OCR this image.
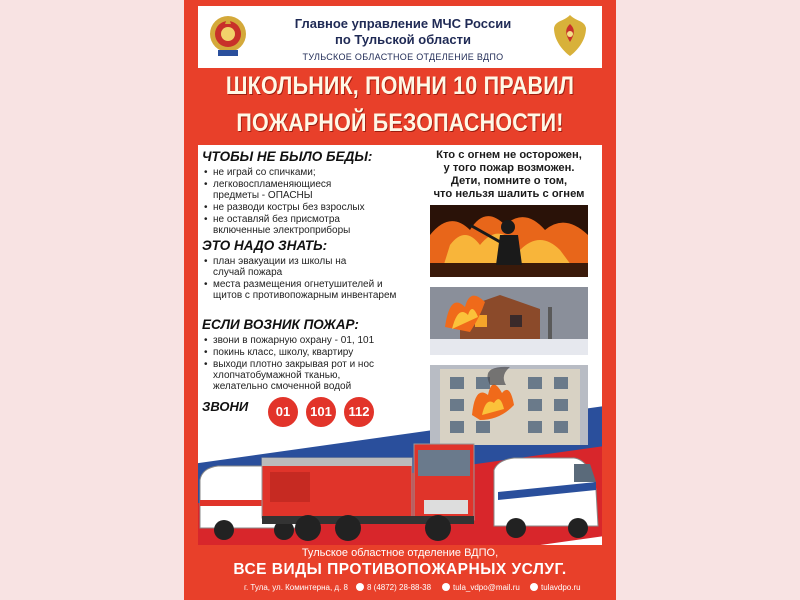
Главное управление МЧС России
по Тульской области
ТУЛЬСКОЕ ОБЛАСТНОЕ ОТДЕЛЕНИЕ ВДПО
ШКОЛЬНИК, ПОМНИ 10 ПРАВИЛ
ПОЖАРНОЙ БЕЗОПАСНОСТИ!
ЧТОБЫ НЕ БЫЛО БЕДЫ:
• не играй со спичками;
• легковоспламеняющиеся предметы - ОПАСНЫ
• не разводи костры без взрослых
• не оставляй без присмотра включенные электроприборы
ЭТО НАДО ЗНАТЬ:
• план эвакуации из школы на случай пожара
• места размещения огнетушителей и щитов с противопожарным инвентарем
ЕСЛИ ВОЗНИК ПОЖАР:
• звони в пожарную охрану - 01, 101
• покинь класс, школу, квартиру
• выходи плотно закрывая рот и нос хлопчатобумажной тканью, желательно смоченной водой
Кто с огнем не осторожен,
у того пожар возможен.
Дети, помните о том,
что нельзя шалить с огнем
ЗВОНИ	01	101	112
Тульское областное отделение ВДПО,
ВСЕ ВИДЫ ПРОТИВОПОЖАРНЫХ УСЛУГ.
г. Тула, ул. Коминтерна, д. 8	8 (4872) 28-88-38	tula_vdpo@mail.ru	tulavdpo.ru
